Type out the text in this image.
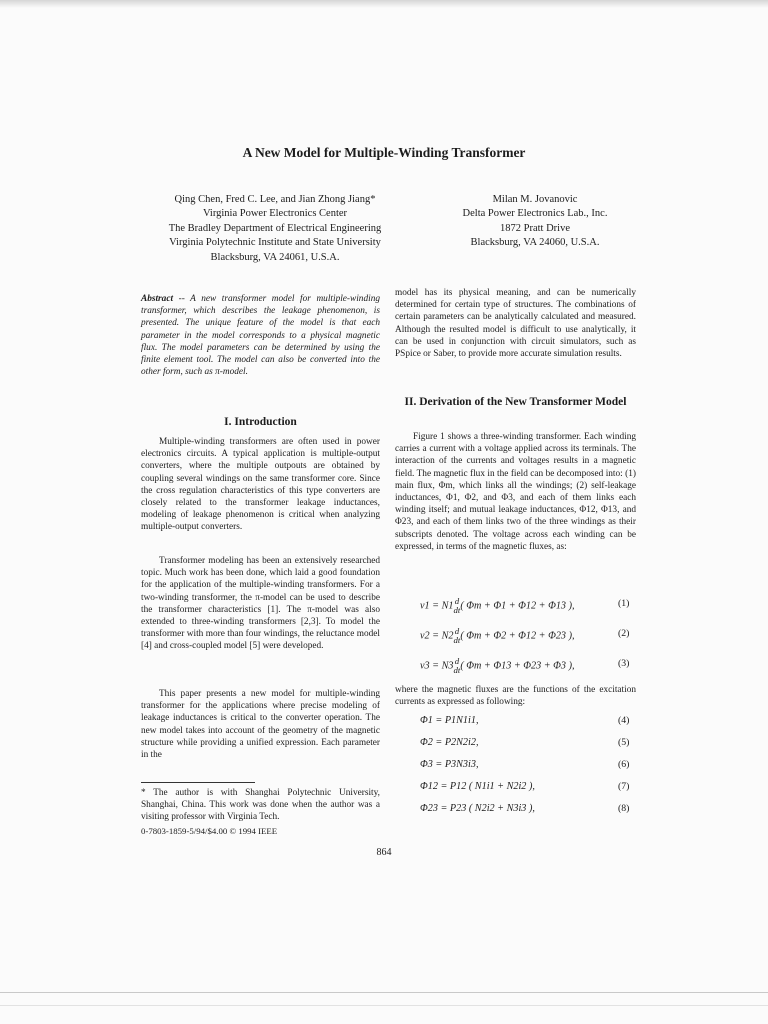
A New Model for Multiple-Winding Transformer
Qing Chen, Fred C. Lee, and Jian Zhong Jiang*
Virginia Power Electronics Center
The Bradley Department of Electrical Engineering
Virginia Polytechnic Institute and State University
Blacksburg, VA 24061, U.S.A.
Milan M. Jovanovic
Delta Power Electronics Lab., Inc.
1872 Pratt Drive
Blacksburg, VA 24060, U.S.A.
Abstract -- A new transformer model for multiple-winding transformer, which describes the leakage phenomenon, is presented. The unique feature of the model is that each parameter in the model corresponds to a physical magnetic flux. The model parameters can be determined by using the finite element tool. The model can also be converted into the other form, such as π-model.
I. Introduction

Multiple-winding transformers are often used in power electronics circuits. A typical application is multiple-output converters, where the multiple outpouts are obtained by coupling several windings on the same transformer core. Since the cross regulation characteristics of this type converters are closely related to the transformer leakage inductances, modeling of leakage phenomenon is critical when analyzing multiple-output converters.

Transformer modeling has been an extensively researched topic. Much work has been done, which laid a good foundation for the application of the multiple-winding transformers. For a two-winding transformer, the π-model can be used to describe the transformer characteristics [1]. The π-model was also extended to three-winding transformers [2,3]. To model the transformer with more than four windings, the reluctance model [4] and cross-coupled model [5] were developed.

This paper presents a new model for multiple-winding transformer for the applications where precise modeling of leakage inductances is critical to the converter operation. The new model takes into account of the geometry of the magnetic structure while providing a unified expression. Each parameter in the

* The author is with Shanghai Polytechnic University, Shanghai, China. This work was done when the author was a visiting professor with Virginia Tech.

0-7803-1859-5/94/$4.00 © 1994 IEEE

model has its physical meaning, and can be numerically determined for certain type of structures. The combinations of certain parameters can be analytically calculated and measured. Although the resulted model is difficult to use analytically, it can be used in conjunction with circuit simulators, such as PSpice or Saber, to provide more accurate simulation results.

II. Derivation of the New Transformer Model

Figure 1 shows a three-winding transformer. Each winding carries a current with a voltage applied across its terminals. The interaction of the currents and voltages results in a magnetic field. The magnetic flux in the field can be decomposed into: (1) main flux, Φm, which links all the windings; (2) self-leakage inductances, Φ1, Φ2, and Φ3, and each of them links each winding itself; and mutual leakage inductances, Φ12, Φ13, and Φ23, and each of them links two of the three windings as their subscripts denoted. The voltage across each winding can be expressed, in terms of the magnetic fluxes, as:

v1 = N1 d
dt ( Φm + Φ1 + Φ12 + Φ13 ),	(1)
v2 = N2 d
dt ( Φm + Φ2 + Φ12 + Φ23 ),	(2)
v3 = N3 d
dt ( Φm + Φ13 + Φ23 + Φ3 ),	(3)

where the magnetic fluxes are the functions of the excitation currents as expressed as following:

Φ1 = P1N1i1,	(4)
Φ2 = P2N2i2,	(5)
Φ3 = P3N3i3,	(6)
Φ12 = P12 ( N1i1 + N2i2 ),	(7)
Φ23 = P23 ( N2i2 + N3i3 ),	(8)
864
